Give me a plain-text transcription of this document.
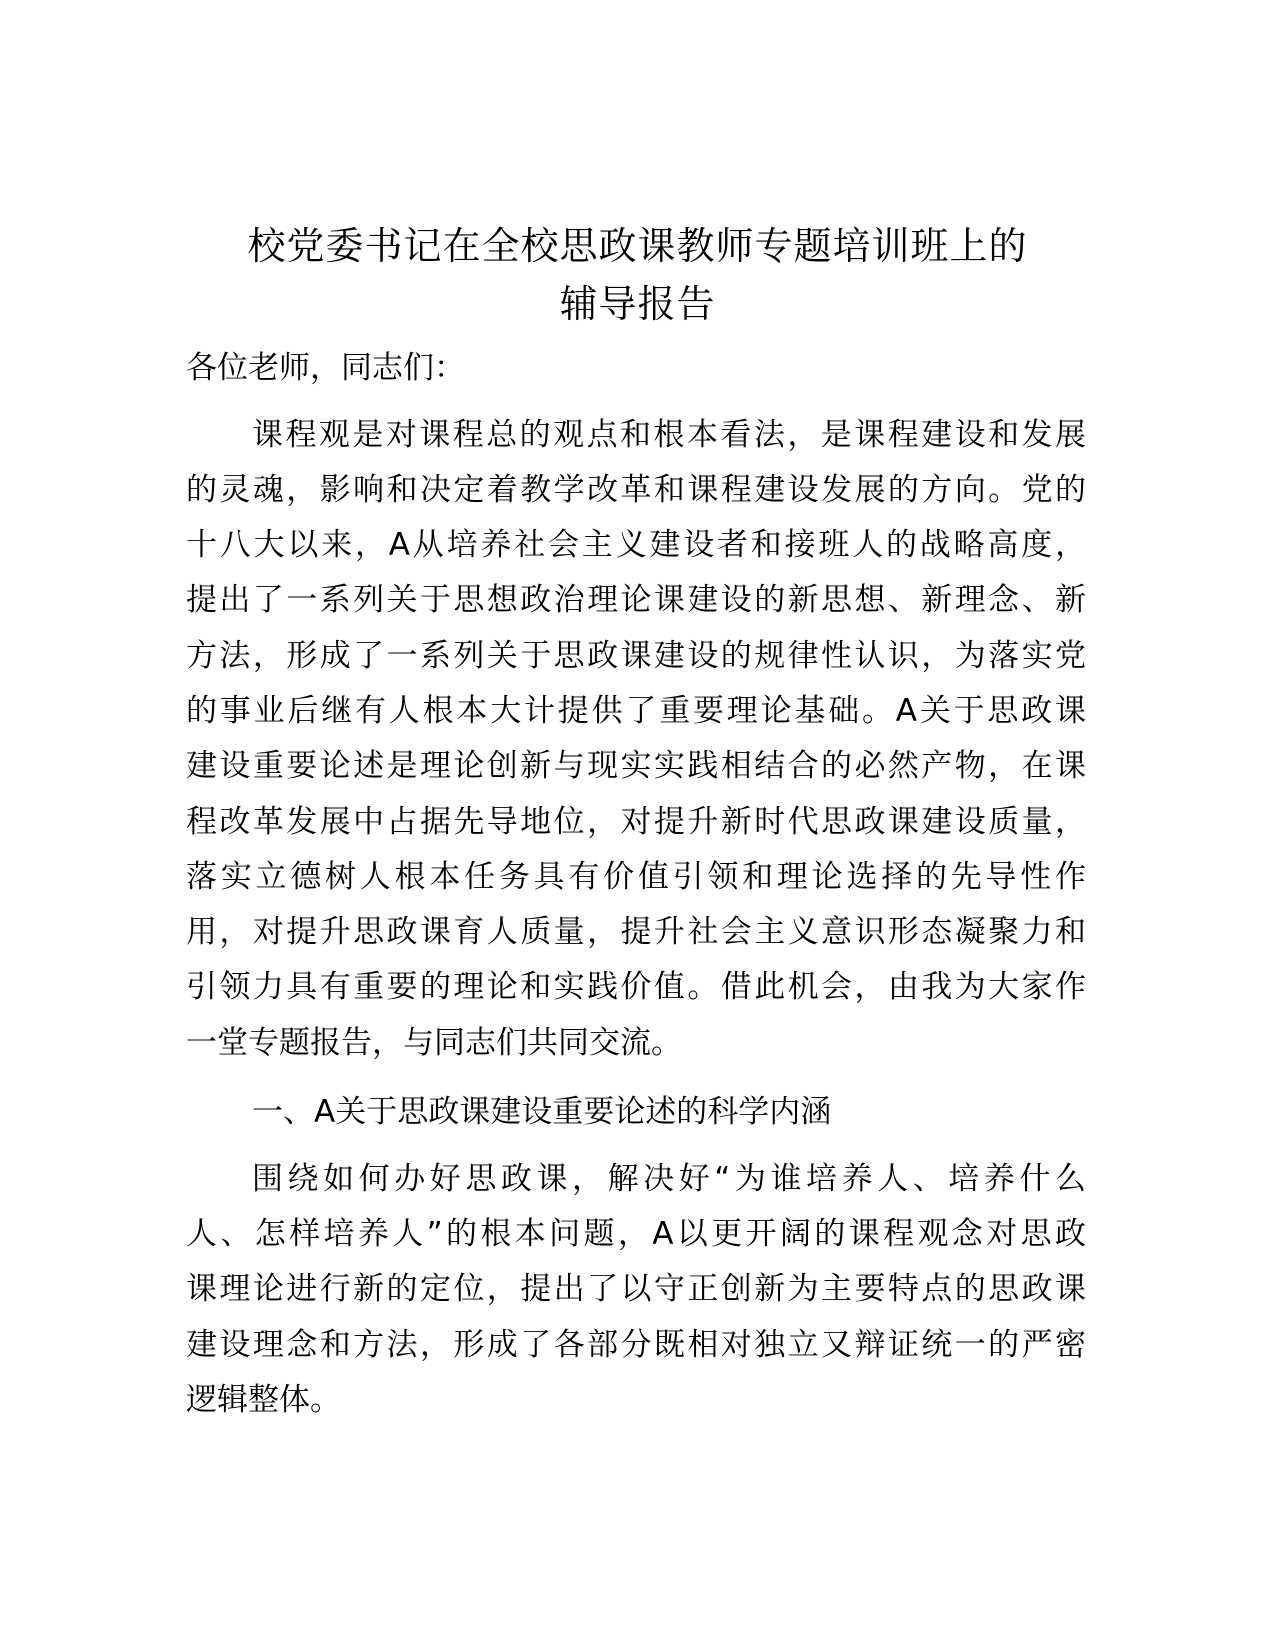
校党委书记在全校思政课教师专题培训班上的
辅导报告
各位老师，同志们：
课程观是对课程总的观点和根本看法，是课程建设和发展
的灵魂，影响和决定着教学改革和课程建设发展的方向。党的
十八大以来，A从培养社会主义建设者和接班人的战略高度，
提出了一系列关于思想政治理论课建设的新思想、新理念、新
方法，形成了一系列关于思政课建设的规律性认识，为落实党
的事业后继有人根本大计提供了重要理论基础。A关于思政课
建设重要论述是理论创新与现实实践相结合的必然产物，在课
程改革发展中占据先导地位，对提升新时代思政课建设质量，
落实立德树人根本任务具有价值引领和理论选择的先导性作
用，对提升思政课育人质量，提升社会主义意识形态凝聚力和
引领力具有重要的理论和实践价值。借此机会，由我为大家作
一堂专题报告，与同志们共同交流。
一、A关于思政课建设重要论述的科学内涵
围绕如何办好思政课，解决好“为谁培养人、培养什么
人、怎样培养人”的根本问题，A以更开阔的课程观念对思政
课理论进行新的定位，提出了以守正创新为主要特点的思政课
建设理念和方法，形成了各部分既相对独立又辩证统一的严密
逻辑整体。
